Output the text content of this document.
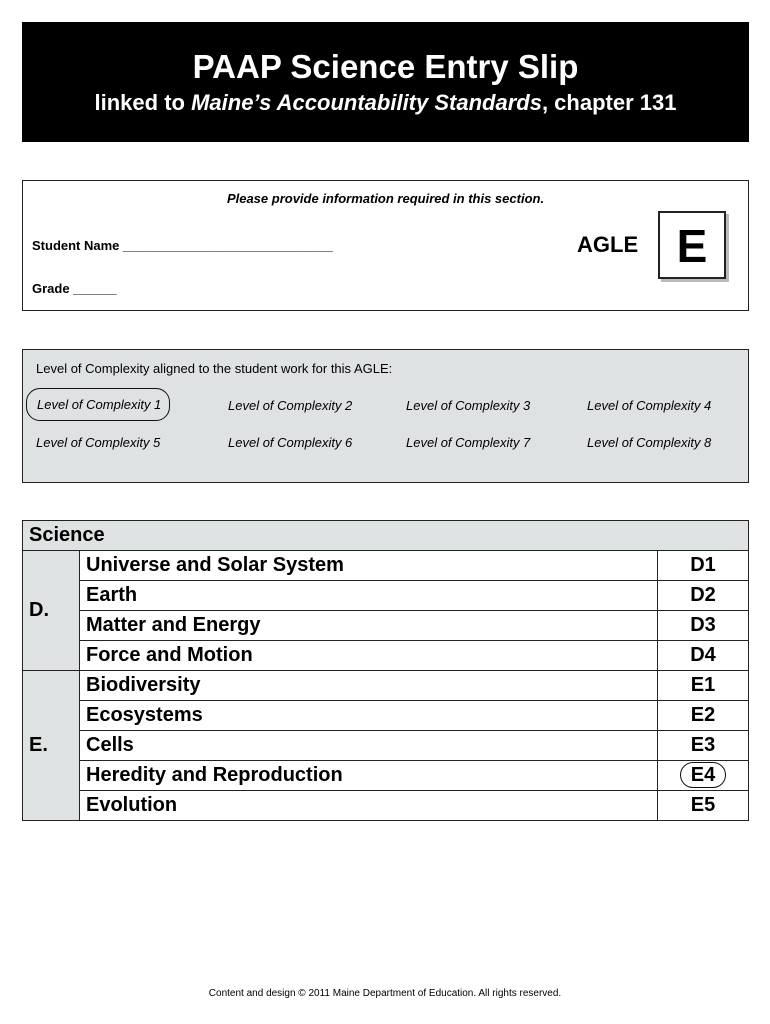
PAAP Science Entry Slip
linked to Maine’s Accountability Standards, chapter 131
Please provide information required in this section.
Student Name _____________________________
Grade ______
AGLE E
Level of Complexity aligned to the student work for this AGLE:
Level of Complexity 1	Level of Complexity 2	Level of Complexity 3	Level of Complexity 4
Level of Complexity 5	Level of Complexity 6	Level of Complexity 7	Level of Complexity 8
Science		
D.	Universe and Solar System	D1
	Earth	D2
	Matter and Energy	D3
	Force and Motion	D4
E.	Biodiversity	E1
	Ecosystems	E2
	Cells	E3
	Heredity and Reproduction	E4
	Evolution	E5
Content and design © 2011 Maine Department of Education. All rights reserved.
